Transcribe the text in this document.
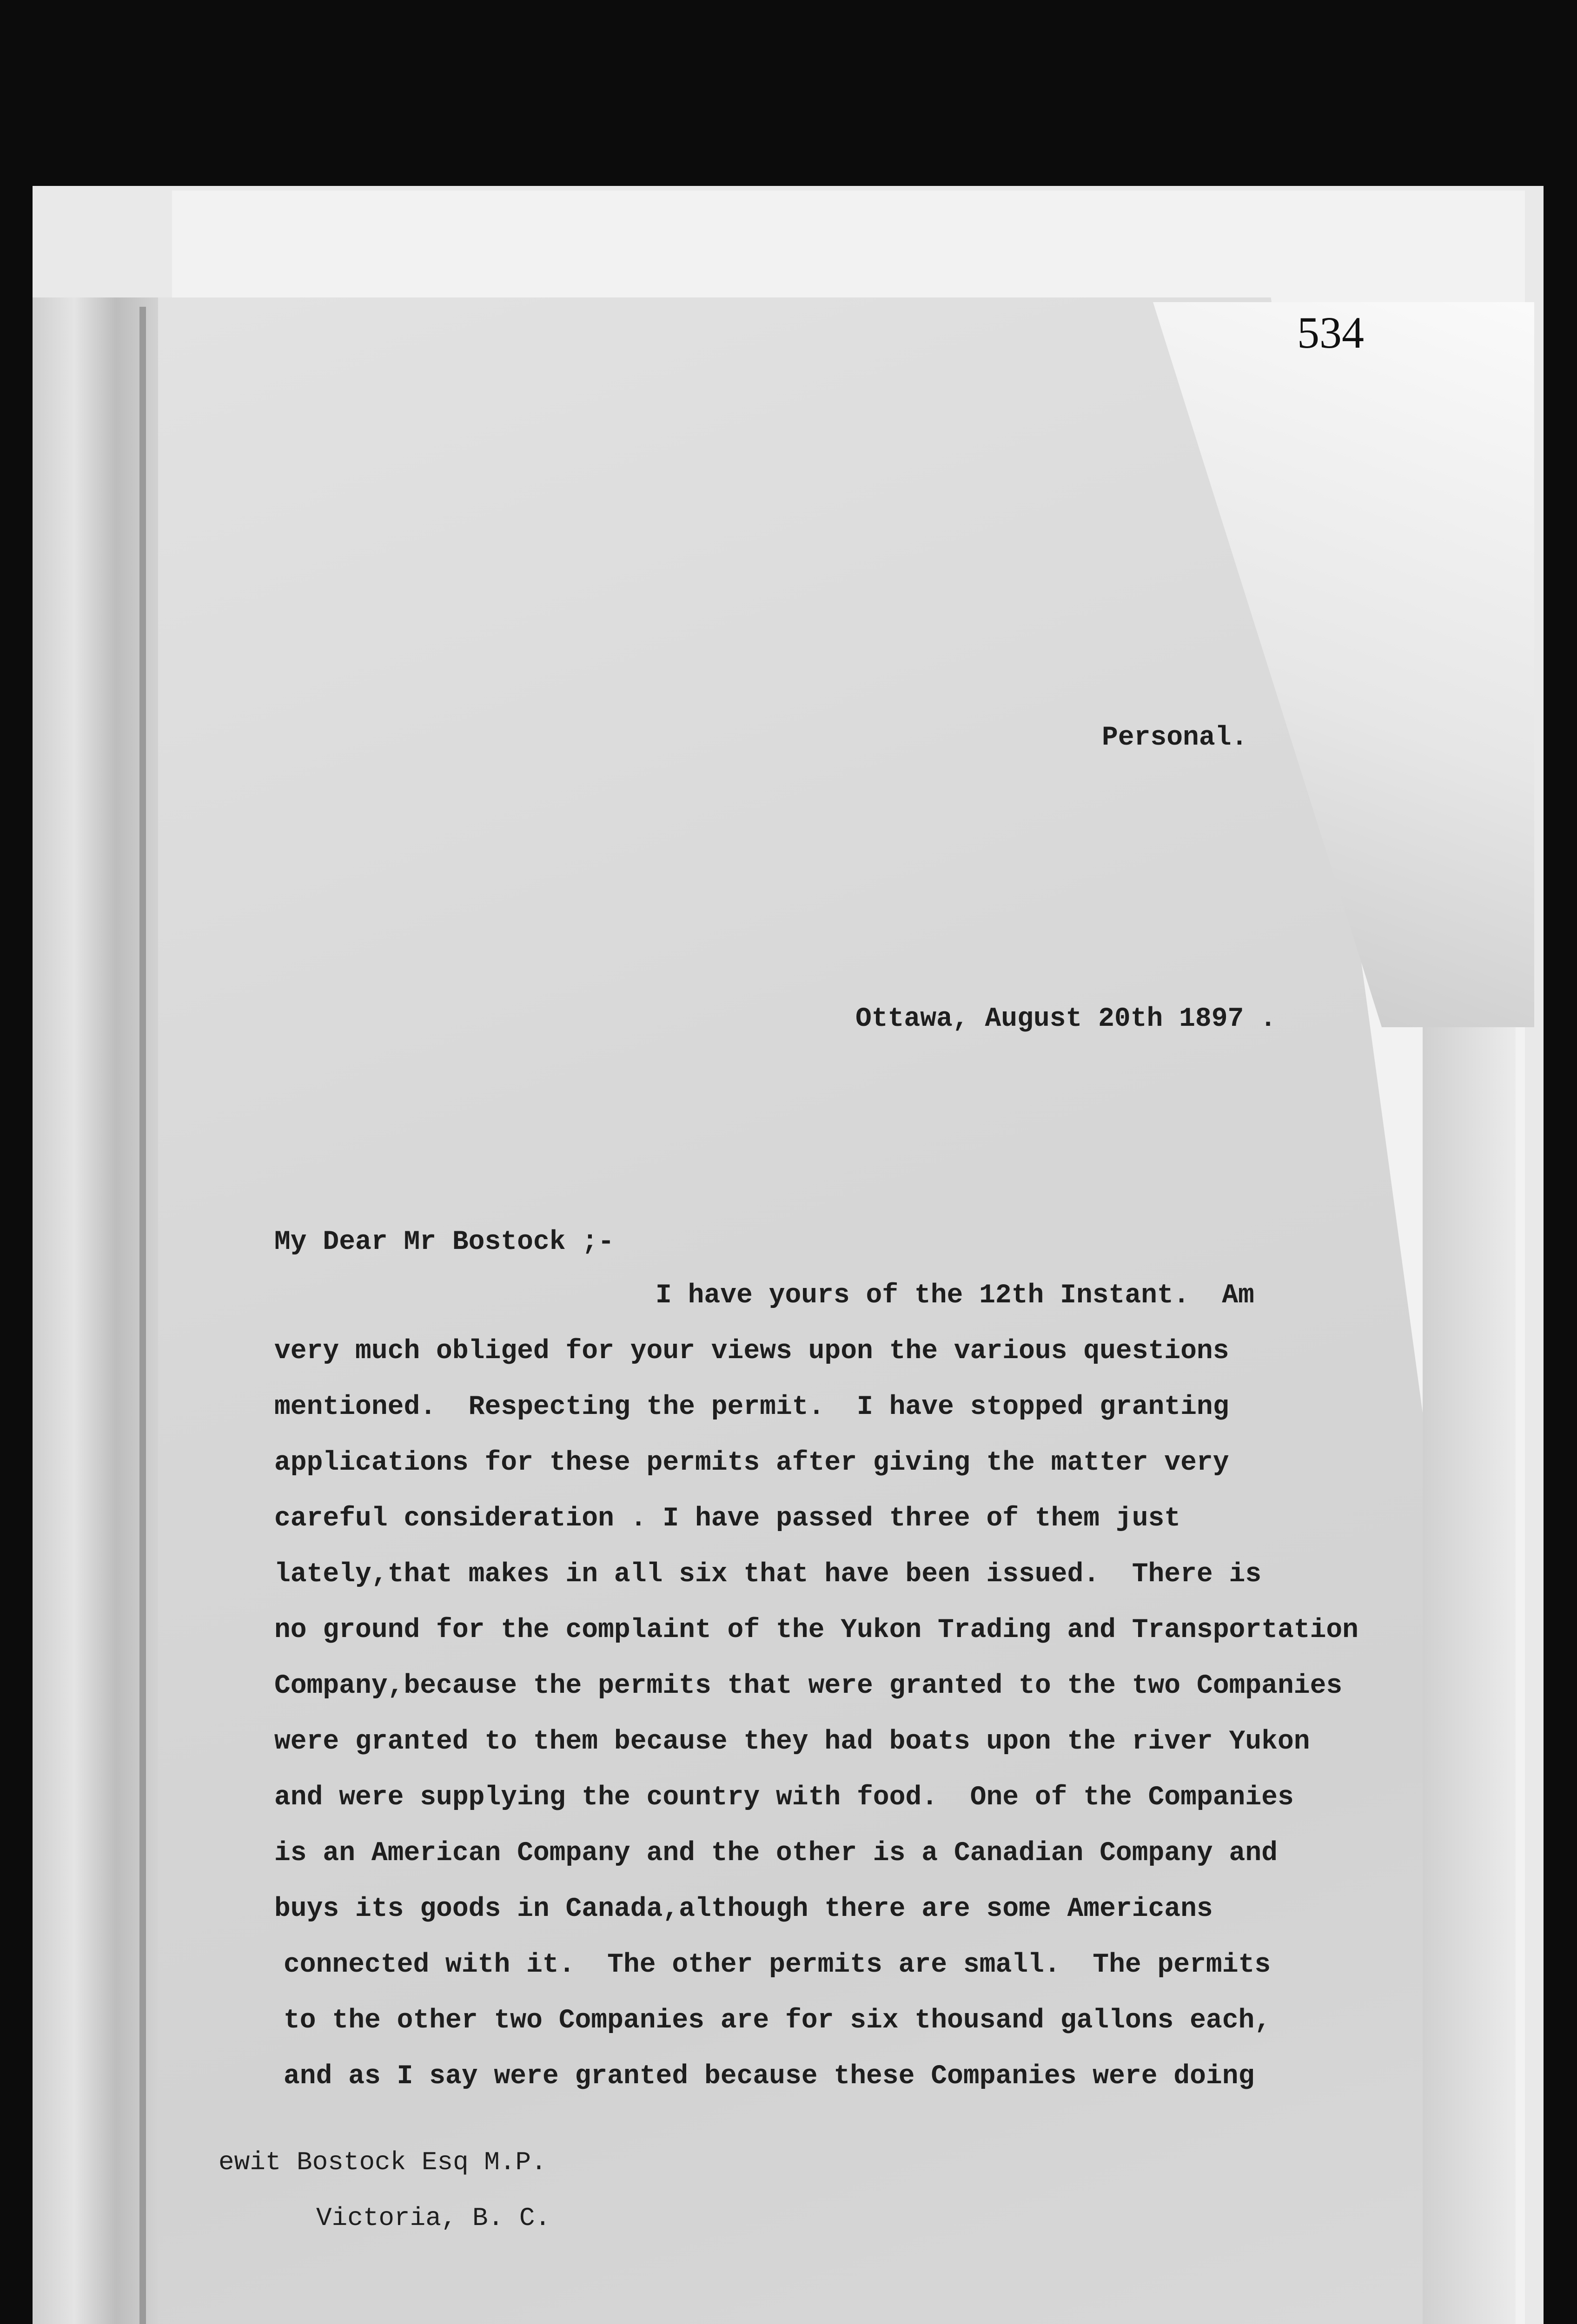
534
Personal.
Ottawa, August 20th 1897 .
My Dear Mr Bostock ;-
I have yours of the 12th Instant.  Am
very much obliged for your views upon the various questions
mentioned.  Respecting the permit.  I have stopped granting
applications for these permits after giving the matter very
careful consideration . I have passed three of them just
lately,that makes in all six that have been issued.  There is
no ground for the complaint of the Yukon Trading and Transportation
Company,because the permits that were granted to the two Companies
were granted to them because they had boats upon the river Yukon
and were supplying the country with food.  One of the Companies
is an American Company and the other is a Canadian Company and
buys its goods in Canada,although there are some Americans
connected with it.  The other permits are small.  The permits
to the other two Companies are for six thousand gallons each,
and as I say were granted because these Companies were doing
ewit Bostock Esq M.P.
Victoria, B. C.
